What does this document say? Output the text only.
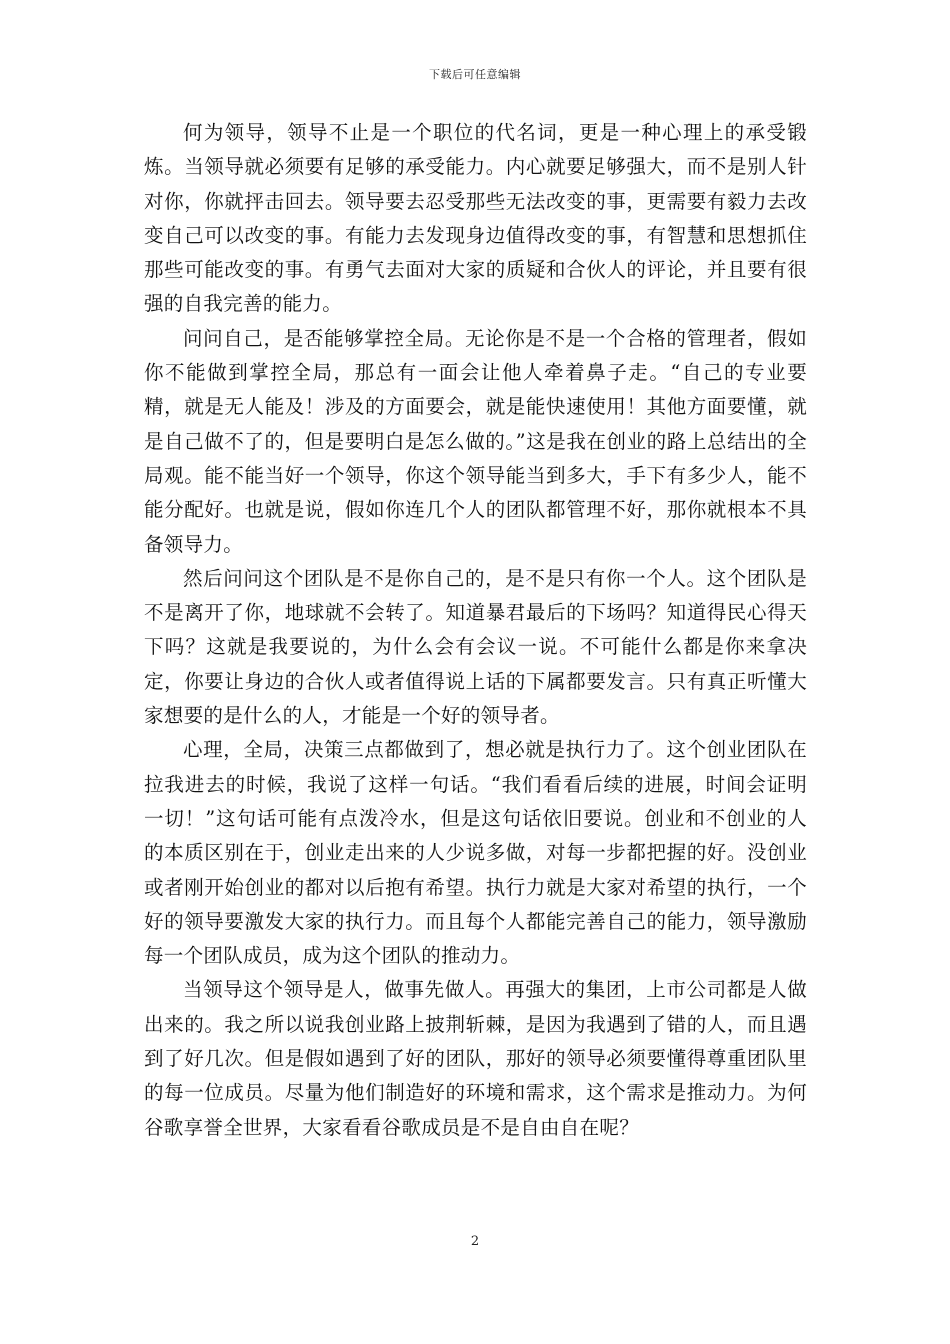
下载后可任意编辑

何为领导，领导不止是一个职位的代名词，更是一种心理上的承受锻炼。当领导就必须要有足够的承受能力。内心就要足够强大，而不是别人针对你，你就抨击回去。领导要去忍受那些无法改变的事，更需要有毅力去改变自己可以改变的事。有能力去发现身边值得改变的事，有智慧和思想抓住那些可能改变的事。有勇气去面对大家的质疑和合伙人的评论，并且要有很强的自我完善的能力。

问问自己，是否能够掌控全局。无论你是不是一个合格的管理者，假如你不能做到掌控全局，那总有一面会让他人牵着鼻子走。“自己的专业要精，就是无人能及！涉及的方面要会，就是能快速使用！其他方面要懂，就是自己做不了的，但是要明白是怎么做的。”这是我在创业的路上总结出的全局观。能不能当好一个领导，你这个领导能当到多大，手下有多少人，能不能分配好。也就是说，假如你连几个人的团队都管理不好，那你就根本不具备领导力。

然后问问这个团队是不是你自己的，是不是只有你一个人。这个团队是不是离开了你，地球就不会转了。知道暴君最后的下场吗？知道得民心得天下吗？这就是我要说的，为什么会有会议一说。不可能什么都是你来拿决定，你要让身边的合伙人或者值得说上话的下属都要发言。只有真正听懂大家想要的是什么的人，才能是一个好的领导者。

心理，全局，决策三点都做到了，想必就是执行力了。这个创业团队在拉我进去的时候，我说了这样一句话。“我们看看后续的进展，时间会证明一切！”这句话可能有点泼冷水，但是这句话依旧要说。创业和不创业的人的本质区别在于，创业走出来的人少说多做，对每一步都把握的好。没创业或者刚开始创业的都对以后抱有希望。执行力就是大家对希望的执行，一个好的领导要激发大家的执行力。而且每个人都能完善自己的能力，领导激励每一个团队成员，成为这个团队的推动力。

当领导这个领导是人，做事先做人。再强大的集团，上市公司都是人做出来的。我之所以说我创业路上披荆斩棘，是因为我遇到了错的人，而且遇到了好几次。但是假如遇到了好的团队，那好的领导必须要懂得尊重团队里的每一位成员。尽量为他们制造好的环境和需求，这个需求是推动力。为何谷歌享誉全世界，大家看看谷歌成员是不是自由自在呢？

2
